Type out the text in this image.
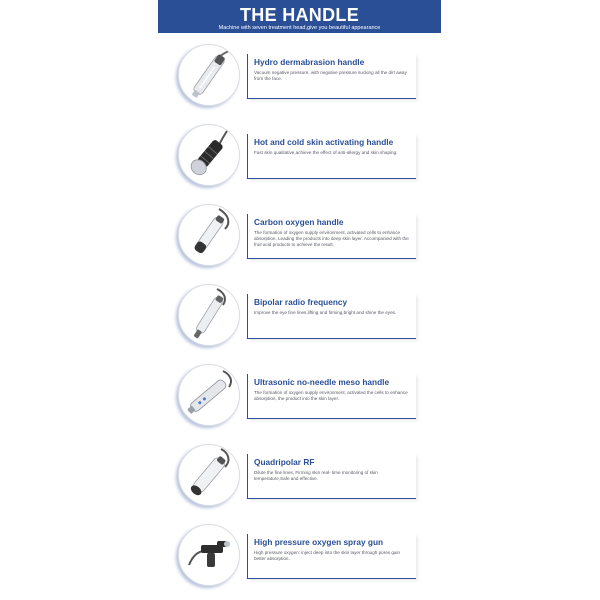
THE HANDLE
Machine with seven treatment head,give you beautiful appearance
Hydro dermabrasion handle
Vacuum negative pressure, with negative pressure sucking all the dirt away from the face.
Hot and cold skin activating handle
Fast skin qualitative,achieve the effect of anti-allergy and skin shaping.
Carbon oxygen handle
The formation of oxygen supply environment, activated cells to enhance absorption. Leading the products into deep skin layer. Accompanied with the fruit acid products to achieve the result.
Bipolar radio frequency
Improve the eye fine lines,lifting and firming,bright and shine the eyes.
Ultrasonic no-needle meso handle
The formation of oxygen supply environment, activated the cells to enhance absorption, the product into the skin layer.
Quadripolar RF
Dilute the fine lines, Firming skin real- time monitoring of skin temperature,Safe and effective.
High pressure oxygen spray gun
High pressure oxygen: inject deep into the skin layer through pores gain better absorption.
